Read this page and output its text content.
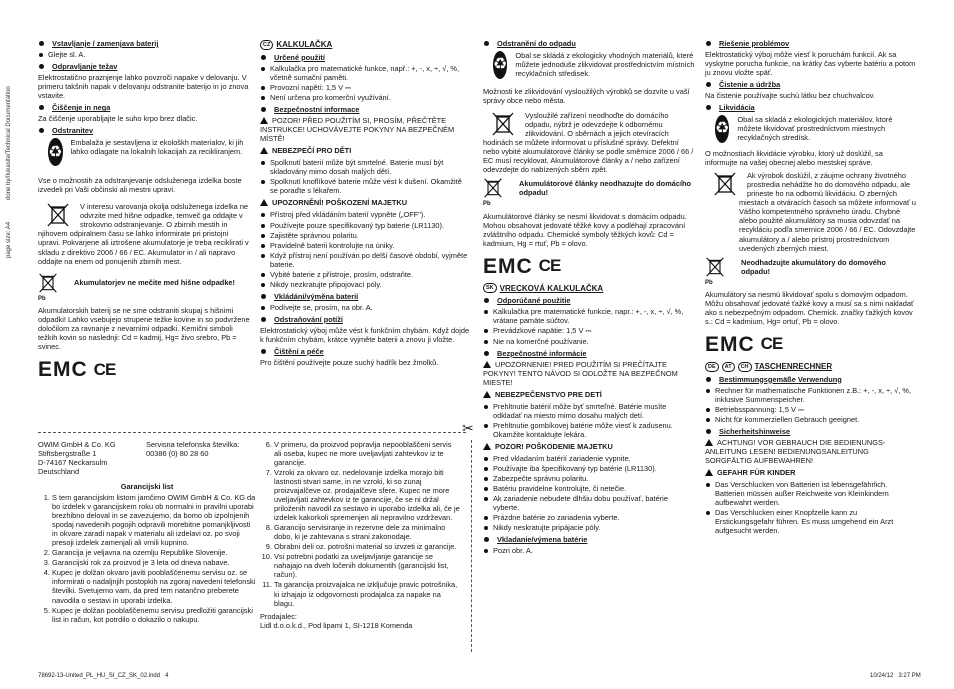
done by/Ilukasite/Technical Documentation
page size: A4
Vstavljanje / zamenjava baterij
Glejte sl. A.
Odpravljanje težav

Elektrostatično praznjenje lahko povzroči napake v delovanju. V primeru takšnih napak v delovanju odstranite baterijo in jo znova vstavite.

Čiščenje in nega

Za čiščenje uporabljajte le suho krpo brez dlačic.

Odstranitev
♻

Embalaža je sestavljena iz ekološkh materialov, ki jih lahko odlagate na lokalnih lokacijah za recikliranjem.

Vse o možnostih za odstranjevanje odsluženega izdelka boste izvedeli pri Vaši občinski ali mestni upravi.

V interesu varovanja okolja odsluženega izdelka ne odvrzite med hišne odpadke, temveč ga oddajte v strokovno odstranjevanje. O zbirnih mestih in njihovem odpiralnem času se lahko informirate pri pristojni upravi. Pokvarjene ali iztrošene akumulatorje je treba reciklirati v skladu z direktivo 2006 / 66 / EC. Akumulator in / ali napravo oddajte na enem od ponujenih zbirnih mest.

Pb
Akumulatorjev ne mečite med hišne odpadke!

Akumulatorskih baterij se ne sme odstraniti skupaj s hišnimi odpadki! Lahko vsebujejo strupene težke kovine in so podvržene določilom za ravnanje z nevarnimi odpadki. Kemični simboli težkih kovin so naslednji: Cd = kadmij, Hg= živo srebro, Pb = svinec.

EMC CE
CZ KALKULAČKA
Určené použití
Kalkulačka pro matematické funkce, např.: +, -, x, ÷, √, %, včetně sumační paměti.
Provozní napětí: 1,5 V ⎓
Není určena pro komerční využívání.
Bezpečnostní informace

POZOR! PŘED POUŽITÍM SI, PROSÍM, PŘEČTĚTE INSTRUKCE! UCHOVÁVEJTE POKYNY NA BEZPEČNÉM MÍSTĚ!

NEBEZPEČÍ PRO DĚTI

Spolknutí baterií může být smrtelné. Baterie musí být skladovány mimo dosah malých dětí.
Spolknutí knoflíkové baterie může vést k dušení. Okamžitě se poraďte s lékařem.

UPOZORNĚNÍ! POŠKOZENÍ MAJETKU

Přístroj před vkládáním baterií vypněte („OFF").
Používejte pouze specifikovaný typ baterie (LR1130).
Zajistěte správnou polaritu.
Pravidelně baterii kontrolujte na úniky.
Když přístroj není používán po delší časové období, vyjměte baterie.
Vybité baterie z přístroje, prosím, odstraňte.
Nikdy nezkratujte připojovací póly.
Vkládání/výměna baterií
Podívejte se, prosím, na obr. A.
Odstraňování potíží

Elektrostatický výboj může vést k funkčním chybám. Když dojde k funkčním chybám, krátce vyjměte baterii a znovu ji vložte.

Čištění a péče

Pro čištění používejte pouze suchý hadřík bez žmolků.

Odstranění do odpadu
♻

Obal se skládá z ekologicky vhodných materiálů, které můžete jednoduše zlikvidovat prostřednictvím místních recyklačních středisek.

Možnosti ke zlikvidování vysloužilých výrobků se dozvíte u vaší správy obce nebo města.

Vysloužilé zařízení neodhoďte do domácího odpadu, nýbrž je odevzdejte k odbornému zlikvidování. O sběrnách a jejich otevíracích hodinách se můžete informovat u příslušné správy. Defektní nebo vybité akumulátorové články se podle směrnice 2006 / 66 / EC musí recyklovat. Akumulátorové články a / nebo zařízení odevzdejte do nabízených sběrn zpět.

Pb
Akumulátorové články neodhazujte do domácího odpadu!

Akumulátorové články se nesmí likvidovat s domácím odpadu. Mohou obsahovat jedovaté těžké kovy a podléhají zpracování zvláštního odpadu. Chemické symboly těžkých kovů: Cd = kadmium, Hg = rtuť, Pb = olovo.

EMC CE
SK VRECKOVÁ KALKULAČKA
Odporúčané použitie
Kalkulačka pre matematické funkcie, napr.: +, -, x, ÷, √, %, vrátane pamäte súčtov.
Prevádzkové napätie: 1,5 V ⎓
Nie na komerčné používanie.
Bezpečnostné informácie

UPOZORNENIE! PRED POUŽITÍM SI PREČÍTAJTE POKYNY! TENTO NÁVOD SI ODLOŽTE NA BEZPEČNOM MIESTE!

NEBEZPEČENSTVO PRE DETÍ

Prehltnutie batérií môže byť smrteľné. Batérie musíte odkladať na miesto mimo dosahu malých detí.
Prehltnutie gombíkovej batérie môže viesť k zadusenu. Okamžite kontaktujte lekára.

POZOR! POŠKODENIE MAJETKU

Pred vkladaním batérií zariadenie vypnite.
Používajte iba špecifikovaný typ batérie (LR1130).
Zabezpečte správnu polaritu.
Batériu pravidelne kontrolujte, či netečie.
Ak zariadenie nebudete dlhšiu dobu používať, batérie vyberte.
Prázdne batérie zo zariadenia vyberte.
Nikdy neskratujte pripájacie póly.
Vkladanie/výmena batérie
Pozri obr. A.
Riešenie problémov

Elektrostatický výboj môže viesť k poruchám funkcií. Ak sa vyskytne porucha funkcie, na krátky čas vyberte batériu a potom ju znovu vložte späť.

Čistenie a údržba

Na čistenie používajte suchú látku bez chuchvalcov.

Likvidácia
♻

Obal sa skladá z ekologických materiálov, ktoré môžete likvidovať prostredníctvom miestnych recyklačných stredísk.

O možnostiach likvidácie výrobku, ktorý už doslúžil, sa informujte na vašej obecnej alebo mestskej správe.

Ak výrobok doslúžil, z záujme ochrany životného prostredia nehádžte ho do domového odpadu, ale prineste ho na odbornú likvidáciu. O zberných miestach a otváracích časoch sa môžete informovať u Vášho kompetentného správneho úradu. Chybné alebo použité akumulátory sa musia odovzdať na recykláciu podľa smernice 2006 / 66 / EC. Odovzdajte akumulátory a / alebo prístroj prostredníctvom uvedených zberných miest.

Pb
Neodhadzujte akumulátory do domového odpadu!

Akumulátory sa nesmú likvidovať spolu s domovým odpadom. Môžu obsahovať jedovaté ťažké kovy a musí sa s nimi nakladať ako s nebezpečným odpadom. Chemick. značky ťažkých kovov s.: Cd = kadmium, Hg= ortuť, Pb = olovo.

EMC CE
DE	AT	CH TASCHENRECHNER
Bestimmungsgemäße Verwendung
Rechner für mathematische Funktionen z.B.: +, -, x, ÷, √, %, inklusive Summenspeicher.
Betriebsspannung: 1,5 V ⎓
Nicht für kommerziellen Gebrauch geeignet.
Sicherheitshinweise

ACHTUNG! VOR GEBRAUCH DIE BEDIENUNGS-ANLEITUNG LESEN! BEDIENUNGSANLEITUNG SORGFÄLTIG AUFBEWAHREN!

GEFAHR FÜR KINDER

Das Verschlucken von Batterien ist lebensgefährlich. Batterien müssen außer Reichweite von Kleinkindern aufbewahrt werden.
Das Verschlucken einer Knopfzelle kann zu Erstickungsgefahr führen. Es muss umgehend ein Arzt aufgesucht werden.
✂
OWIM GmbH & Co. KG
Stiftsbergstraße 1
D-74167 Neckarsulm
Deutschland
Servisna telefonska številka:
00386 (0) 80 28 60
Garancijski list
1. S tem garancijskim listom jamčimo OWIM GmbH & Co. KG da bo izdelek v garancijskem roku ob normalni in pravilni uporabi brezhibno deloval in se zavezujemo, da bomo ob izpolnjenih spodaj navedenih pogojih odpravili morebitne pomanjkljivosti in okvare zaradi napak v materialu ali izdelavi oz. po svoji presoji izdelek zamenjali ali vrnili kupnino.
2. Garancija je veljavna na ozemlju Republike Slovenije.
3. Garancijski rok za proizvod je 3 leta od dneva nabave.
4. Kupec je dolžan okvaro javiti pooblaščenemu servisu oz. se informirati o nadaljnjih postopkih na zgoraj navedeni telefonski številki. Svetujemo vam, da pred tem natančno preberete navodila o sestavi in uporabi izdelka.
5. Kupec je dolžan pooblaščenemu servisu predložiti garancijski list in račun, kot potrdilo o dokazilo o nakupu.
6. V primeru, da proizvod popravlja nepooblaščeni servis ali oseba, kupec ne more uveljavljati zahtevkov iz te garancije.
7. Vzroki za okvaro oz. nedelovanje izdelka morajo biti lastnosti stvari same, in ne vzroki, ki so zunaj proizvajalčeve oz. prodajalčeve sfere. Kupec ne more uveljavljati zahtevkov iz te garancije, če se ni držal priloženih navodil za sestavo in uporabo izdelka ali, če je izdelek kakorkoli spremenjen ali nepravilno vzdrževan.
8. Garancijo servisiranje in rezervne dele za minimalno dobo, ki je zahtevana s strani zakonodaje.
9. Obrabni deli oz. potrošni material so izvzeti iz garancije.
10. Vsi potrebni podatki za uveljavljanje garancije se nahajajo na dveh ločenih dokumentih (garancijski list, račun).
11. Ta garancija proizvajalca ne izključuje pravic potrošnika, ki izhajajo iz odgovornosti prodajalca za napake na blagu.
Prodajalec:
Lidl d.o.o.k.d., Pod lipami 1, SI-1218 Komenda
78692-13-United_PL_HU_SI_CZ_SK_02.indd   4	10/24/12   3:27 PM
